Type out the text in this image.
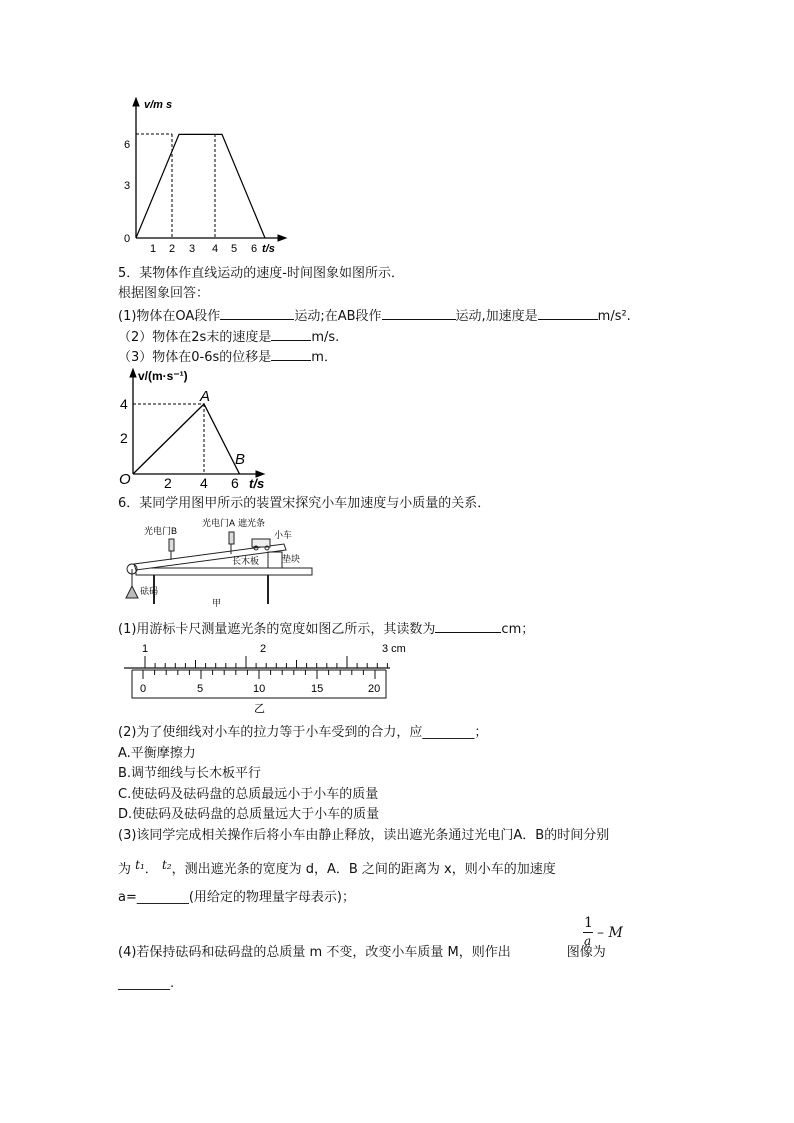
v/m s
0
3
6
1 2 3 4 5 6 t/s
5．某物体作直线运动的速度-时间图象如图所示．
根据图象回答：
(1)物体在OA段作	运动;在AB段作	运动,加速度是	m/s².
（2）物体在2s末的速度是	m/s.
（3）物体在0-6s的位移是	m．
v/(m·s⁻¹)
4
2
O 2 4 6 t/s
A
B
6．某同学用图甲所示的装置宋探究小车加速度与小质量的关系．
光电门B
光电门A 遮光条
小车
垫块
长木板
砝码
甲
(1)用游标卡尺测量遮光条的宽度如图乙所示，其读数为	cm；
1	2	3 cm
0	5	10	15	20
乙
(2)为了使细线对小车的拉力等于小车受到的合力，应________；
A.平衡摩擦力
B.调节细线与长木板平行
C.使砝码及砝码盘的总质最远小于小车的质量
D.使砝码及砝码盘的总质量远大于小车的质量
(3)该同学完成相关操作后将小车由静止释放，读出遮光条通过光电门A．B的时间分别
为 t₁． t₂，测出遮光条的宽度为 d，A．B 之间的距离为 x，则小车的加速度
a=________(用给定的物理量字母表示)；
1
a – M
(4)若保持砝码和砝码盘的总质量 m 不变，改变小车质量 M，则作出	图像为
________.
